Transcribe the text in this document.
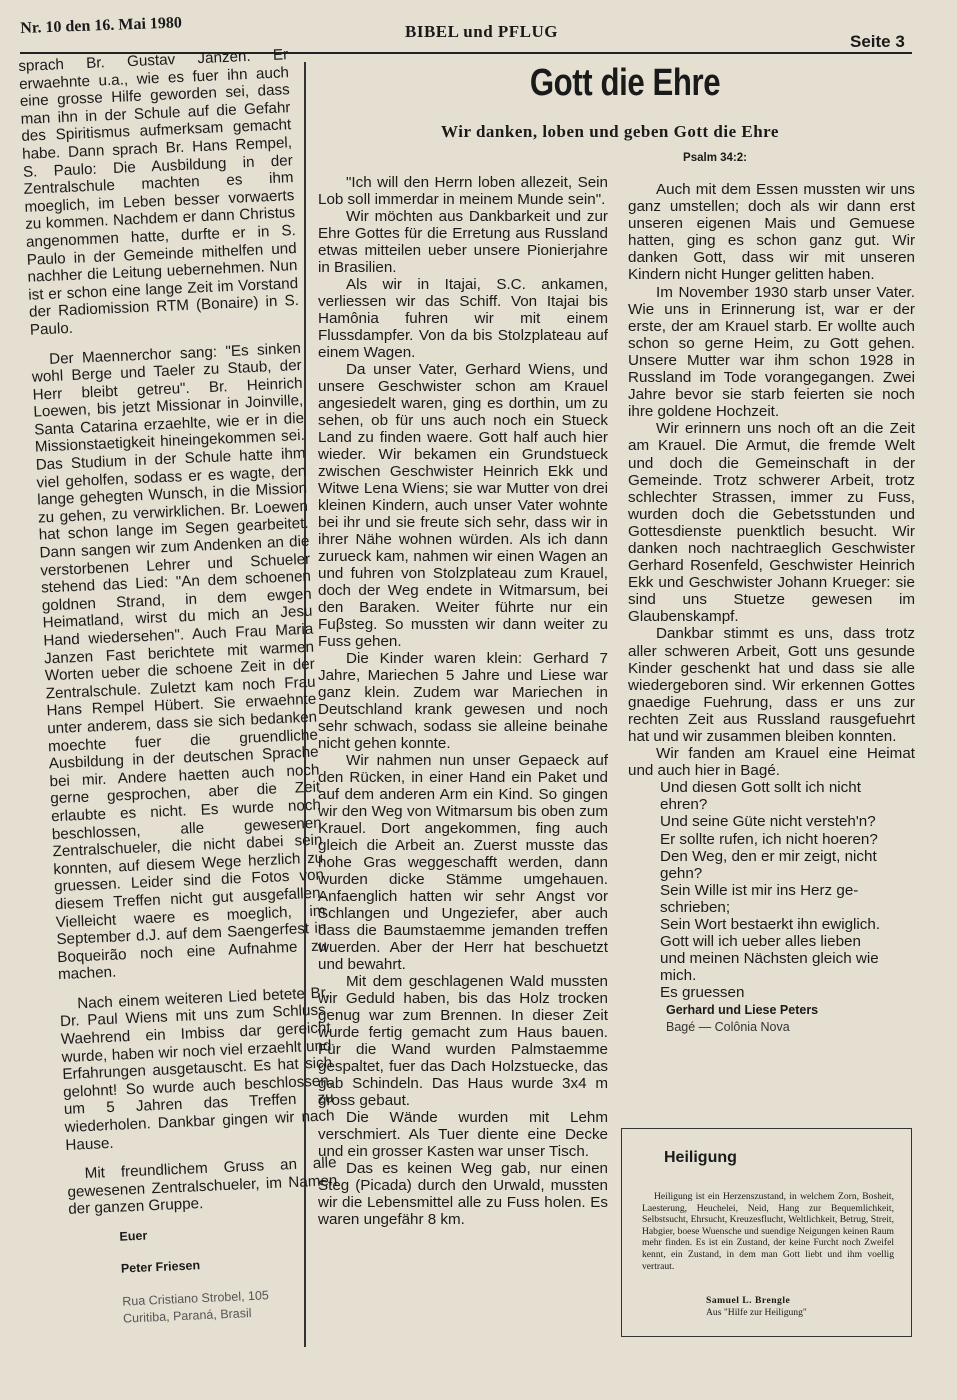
Nr. 10 den 16. Mai 1980	BIBEL und PFLUG
Seite 3

sprach Br. Gustav Janzen. Er erwaehnte u.a., wie es fuer ihn auch eine grosse Hilfe geworden sei, dass man ihn in der Schule auf die Gefahr des Spiritismus aufmerksam gemacht habe. Dann sprach Br. Hans Rempel, S. Paulo: Die Ausbildung in der Zentralschule machten es ihm moeglich, im Leben besser vorwaerts zu kommen. Nachdem er dann Christus angenommen hatte, durfte er in S. Paulo in der Gemeinde mithelfen und nachher die Leitung uebernehmen. Nun ist er schon eine lange Zeit im Vorstand der Radiomission RTM (Bonaire) in S. Paulo.

Der Maennerchor sang: "Es sinken wohl Berge und Taeler zu Staub, der Herr bleibt getreu". Br. Heinrich Loewen, bis jetzt Missionar in Joinville, Santa Catarina erzaehlte, wie er in die Missionstaetigkeit hineingekommen sei. Das Studium in der Schule hatte ihm viel geholfen, sodass er es wagte, den lange gehegten Wunsch, in die Mission zu gehen, zu verwirklichen. Br. Loewen hat schon lange im Segen gearbeitet. Dann sangen wir zum Andenken an die verstorbenen Lehrer und Schueler stehend das Lied: "An dem schoenen goldnen Strand, in dem ewgen Heimatland, wirst du mich an Jesu Hand wiedersehen". Auch Frau Maria Janzen Fast berichtete mit warmen Worten ueber die schoene Zeit in der Zentralschule. Zuletzt kam noch Frau Hans Rempel Hübert. Sie erwaehnte unter anderem, dass sie sich bedanken moechte fuer die gruendliche Ausbildung in der deutschen Sprache bei mir. Andere haetten auch noch gerne gesprochen, aber die Zeit erlaubte es nicht. Es wurde noch beschlossen, alle gewesenen Zentralschueler, die nicht dabei sein konnten, auf diesem Wege herzlich zu gruessen. Leider sind die Fotos von diesem Treffen nicht gut ausgefallen. Vielleicht waere es moeglich, im September d.J. auf dem Saengerfest in Boqueirão noch eine Aufnahme zu machen.

Nach einem weiteren Lied betete Br. Dr. Paul Wiens mit uns zum Schluss. Waehrend ein Imbiss dar gereicht wurde, haben wir noch viel erzaehlt und Erfahrungen ausgetauscht. Es hat sich gelohnt! So wurde auch beschlossen, um 5 Jahren das Treffen zu wiederholen. Dankbar gingen wir nach Hause.

Mit freundlichem Gruss an alle gewesenen Zentralschueler, im Namen der ganzen Gruppe.

Euer
Peter Friesen
Rua Cristiano Strobel, 105
Curitiba, Paraná, Brasil
Gott die Ehre
Wir danken, loben und geben Gott die Ehre
Psalm 34:2:

"Ich will den Herrn loben allezeit, Sein Lob soll immerdar in meinem Munde sein".

Wir möchten aus Dankbarkeit und zur Ehre Gottes für die Erretung aus Russland etwas mitteilen ueber unsere Pionierjahre in Brasilien.

Als wir in Itajai, S.C. ankamen, verliessen wir das Schiff. Von Itajai bis Hamônia fuhren wir mit einem Flussdampfer. Von da bis Stolzplateau auf einem Wagen.

Da unser Vater, Gerhard Wiens, und unsere Geschwister schon am Krauel angesiedelt waren, ging es dorthin, um zu sehen, ob für uns auch noch ein Stueck Land zu finden waere. Gott half auch hier wieder. Wir bekamen ein Grundstueck zwischen Geschwister Heinrich Ekk und Witwe Lena Wiens; sie war Mutter von drei kleinen Kindern, auch unser Vater wohnte bei ihr und sie freute sich sehr, dass wir in ihrer Nähe wohnen würden. Als ich dann zurueck kam, nahmen wir einen Wagen an und fuhren von Stolzplateau zum Krauel, doch der Weg endete in Witmarsum, bei den Baraken. Weiter führte nur ein Fuβsteg. So mussten wir dann weiter zu Fuss gehen.

Die Kinder waren klein: Gerhard 7 Jahre, Mariechen 5 Jahre und Liese war ganz klein. Zudem war Mariechen in Deutschland krank gewesen und noch sehr schwach, sodass sie alleine beinahe nicht gehen konnte.

Wir nahmen nun unser Gepaeck auf den Rücken, in einer Hand ein Paket und auf dem anderen Arm ein Kind. So gingen wir den Weg von Witmarsum bis oben zum Krauel. Dort angekommen, fing auch gleich die Arbeit an. Zuerst musste das hohe Gras weggeschafft werden, dann wurden dicke Stämme umgehauen. Anfaenglich hatten wir sehr Angst vor Schlangen und Ungeziefer, aber auch dass die Baumstaemme jemanden treffen wuerden. Aber der Herr hat beschuetzt und bewahrt.

Mit dem geschlagenen Wald mussten wir Geduld haben, bis das Holz trocken genug war zum Brennen. In dieser Zeit wurde fertig gemacht zum Haus bauen. Für die Wand wurden Palmstaemme gespaltet, fuer das Dach Holzstuecke, das gab Schindeln. Das Haus wurde 3x4 m gross gebaut.

Die Wände wurden mit Lehm verschmiert. Als Tuer diente eine Decke und ein grosser Kasten war unser Tisch.

Das es keinen Weg gab, nur einen Steg (Picada) durch den Urwald, mussten wir die Lebensmittel alle zu Fuss holen. Es waren ungefähr 8 km.

Auch mit dem Essen mussten wir uns ganz umstellen; doch als wir dann erst unseren eigenen Mais und Gemuese hatten, ging es schon ganz gut. Wir danken Gott, dass wir mit unseren Kindern nicht Hunger gelitten haben.

Im November 1930 starb unser Vater. Wie uns in Erinnerung ist, war er der erste, der am Krauel starb. Er wollte auch schon so gerne Heim, zu Gott gehen. Unsere Mutter war ihm schon 1928 in Russland im Tode vorangegangen. Zwei Jahre bevor sie starb feierten sie noch ihre goldene Hochzeit.

Wir erinnern uns noch oft an die Zeit am Krauel. Die Armut, die fremde Welt und doch die Gemeinschaft in der Gemeinde. Trotz schwerer Arbeit, trotz schlechter Strassen, immer zu Fuss, wurden doch die Gebetsstunden und Gottesdienste puenktlich besucht. Wir danken noch nachtraeglich Geschwister Gerhard Rosenfeld, Geschwister Heinrich Ekk und Geschwister Johann Krueger: sie sind uns Stuetze gewesen im Glaubenskampf.

Dankbar stimmt es uns, dass trotz aller schweren Arbeit, Gott uns gesunde Kinder geschenkt hat und dass sie alle wiedergeboren sind. Wir erkennen Gottes gnaedige Fuehrung, dass er uns zur rechten Zeit aus Russland rausgefuehrt hat und wir zusammen bleiben konnten.

Wir fanden am Krauel eine Heimat und auch hier in Bagé.

Und diesen Gott sollt ich nicht
ehren?
Und seine Güte nicht versteh'n?
Er sollte rufen, ich nicht hoeren?
Den Weg, den er mir zeigt, nicht
gehn?
Sein Wille ist mir ins Herz ge-
schrieben;
Sein Wort bestaerkt ihn ewiglich.
Gott will ich ueber alles lieben
und meinen Nächsten gleich wie
mich.
Es gruessen
Gerhard und Liese Peters
Bagé — Colônia Nova
Heiligung
Heiligung ist ein Herzenszustand, in welchem Zorn, Bosheit, Laesterung, Heuchelei, Neid, Hang zur Bequemlichkeit, Selbstsucht, Ehrsucht, Kreuzesflucht, Weltlichkeit, Betrug, Streit, Habgier, boese Wuensche und suendige Neigungen keinen Raum mehr finden. Es ist ein Zustand, der keine Furcht noch Zweifel kennt, ein Zustand, in dem man Gott liebt und ihm voellig vertraut.
Samuel L. Brengle
Aus "Hilfe zur Heiligung"
